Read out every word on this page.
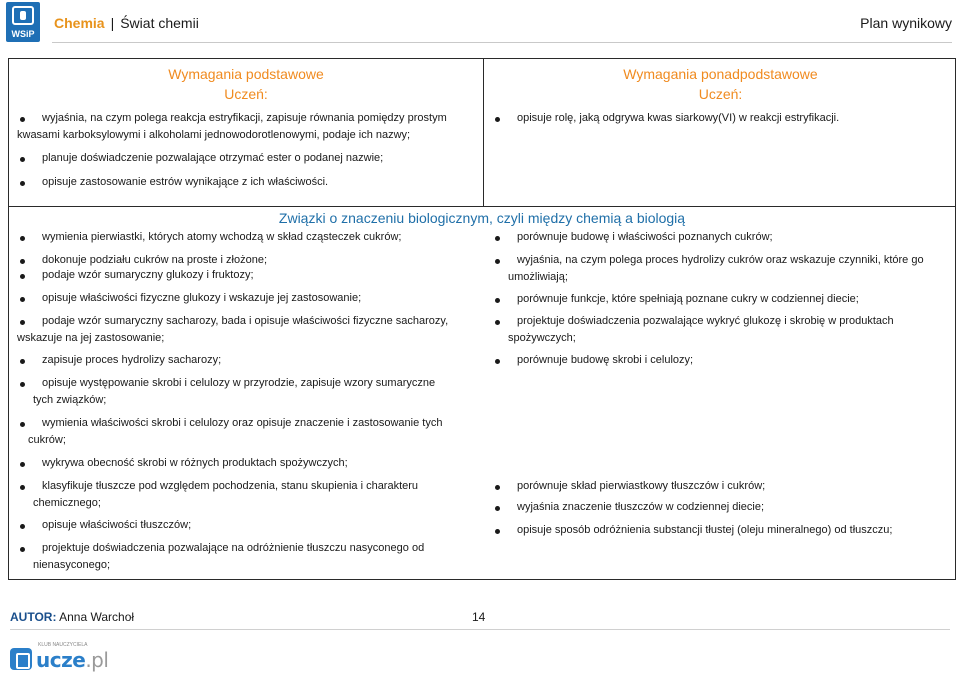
WSiP
Chemia | Świat chemii	Plan wynikowy
Wymagania podstawowe
Uczeń:
Wymagania ponadpodstawowe
Uczeń:
wyjaśnia, na czym polega reakcja estryfikacji, zapisuje równania pomiędzy prostym
kwasami karboksylowymi i alkoholami jednowodorotlenowymi, podaje ich nazwy;
planuje doświadczenie pozwalające otrzymać ester o podanej nazwie;
opisuje zastosowanie estrów wynikające z ich właściwości.
opisuje rolę, jaką odgrywa kwas siarkowy(VI) w reakcji estryfikacji.
Związki o znaczeniu biologicznym, czyli między chemią a biologią
wymienia pierwiastki, których atomy wchodzą w skład cząsteczek cukrów;
dokonuje podziału cukrów na proste i złożone;
podaje wzór sumaryczny glukozy i fruktozy;
opisuje właściwości fizyczne glukozy i wskazuje jej zastosowanie;
podaje wzór sumaryczny sacharozy, bada i opisuje właściwości fizyczne sacharozy,
wskazuje na jej zastosowanie;
zapisuje proces hydrolizy sacharozy;
opisuje występowanie skrobi i celulozy w przyrodzie, zapisuje wzory sumaryczne
tych związków;
wymienia właściwości skrobi i celulozy oraz opisuje znaczenie i zastosowanie tych
cukrów;
wykrywa obecność skrobi w różnych produktach spożywczych;
klasyfikuje tłuszcze pod względem pochodzenia, stanu skupienia i charakteru
chemicznego;
opisuje właściwości tłuszczów;
projektuje doświadczenia pozwalające na odróżnienie tłuszczu nasyconego od
nienasyconego;
porównuje budowę i właściwości poznanych cukrów;
wyjaśnia, na czym polega proces hydrolizy cukrów oraz wskazuje czynniki, które go
umożliwiają;
porównuje funkcje, które spełniają poznane cukry w codziennej diecie;
projektuje doświadczenia pozwalające wykryć glukozę i skrobię w produktach
spożywczych;
porównuje budowę skrobi i celulozy;
porównuje skład pierwiastkowy tłuszczów i cukrów;
wyjaśnia znaczenie tłuszczów w codziennej diecie;
opisuje sposób odróżnienia substancji tłustej (oleju mineralnego) od tłuszczu;
AUTOR: Anna Warchoł	14
KLUB NAUCZYCIELA
ucze.pl
